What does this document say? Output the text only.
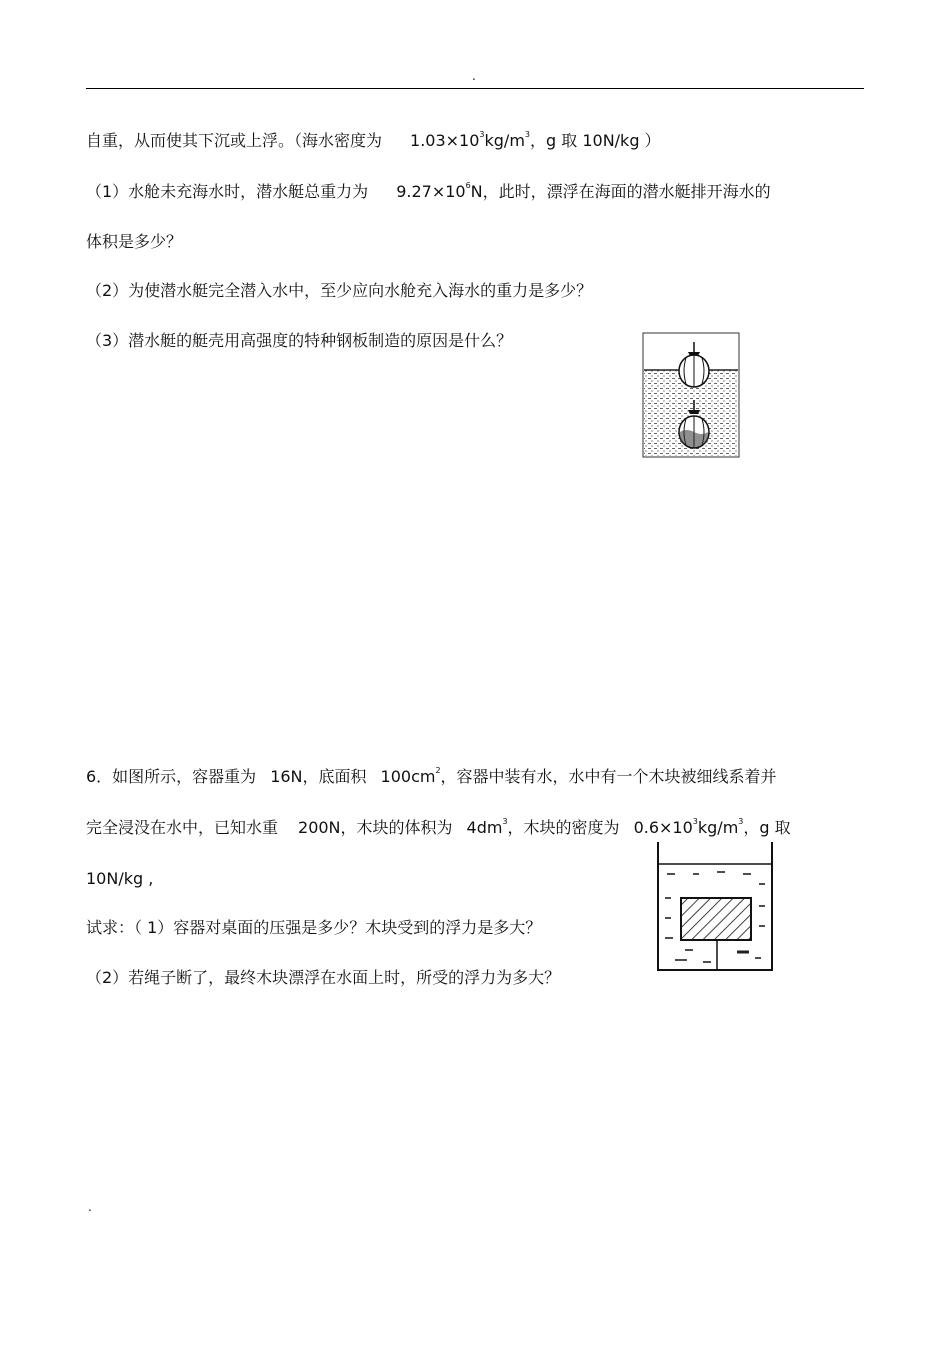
.
自重，从而使其下沉或上浮。（海水密度为 $1.03\times 10^3kg/m^3$，g 取 10N/kg ）
（1）水舱未充海水时，潜水艇总重力为 $9.27\times 10^6N$，此时，漂浮在海面的潜水艇排开海水的
体积是多少？
（2）为使潜水艇完全潜入水中，至少应向水舱充入海水的重力是多少？
（3）潜水艇的艇壳用高强度的特种钢板制造的原因是什么？
6．如图所示，容器重为 16N，底面积 $100cm^2$，容器中装有水，水中有一个木块被细线系着并
完全浸没在水中，已知水重 200N，木块的体积为 $4dm^3$，木块的密度为 $0.6\times 10^3kg/m^3$，g 取
10N/kg ,
试求：（ 1）容器对桌面的压强是多少？木块受到的浮力是多大？
（2）若绳子断了，最终木块漂浮在水面上时，所受的浮力为多大？
.
